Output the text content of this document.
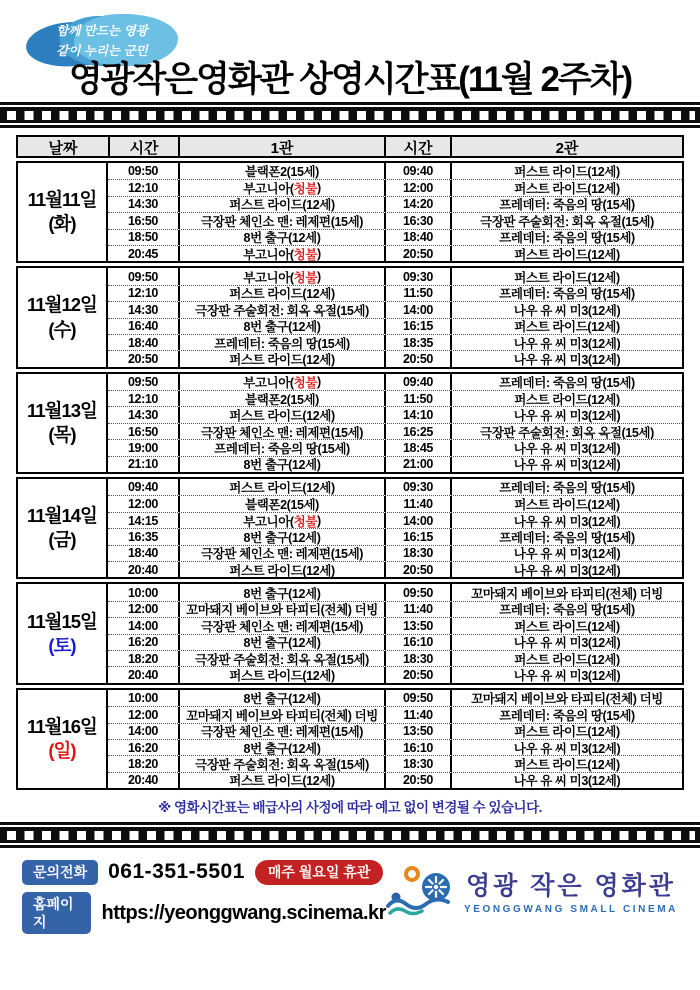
함께 만드는 영광
같이 누리는 군민
영광작은영화관 상영시간표(11월 2주차)
날짜	시간	1관	시간	2관
11월11일
(화)
09:50	블랙폰2(15세)	09:40	퍼스트 라이드(12세)
12:10	부고니아( 청불 )	12:00	퍼스트 라이드(12세)
14:30	퍼스트 라이드(12세)	14:20	프레데터: 죽음의 땅(15세)
16:50	극장판 체인소 맨: 레제편(15세)	16:30	극장판 주술회전: 회옥 옥절(15세)
18:50	8번 출구(12세)	18:40	프레데터: 죽음의 땅(15세)
20:45	부고니아( 청불 )	20:50	퍼스트 라이드(12세)
11월12일
(수)
09:50	부고니아( 청불 )	09:30	퍼스트 라이드(12세)
12:10	퍼스트 라이드(12세)	11:50	프레데터: 죽음의 땅(15세)
14:30	극장판 주술회전: 회옥 옥절(15세)	14:00	나우 유 씨 미3(12세)
16:40	8번 출구(12세)	16:15	퍼스트 라이드(12세)
18:40	프레데터: 죽음의 땅(15세)	18:35	나우 유 씨 미3(12세)
20:50	퍼스트 라이드(12세)	20:50	나우 유 씨 미3(12세)
11월13일
(목)
09:50	부고니아( 청불 )	09:40	프레데터: 죽음의 땅(15세)
12:10	블랙폰2(15세)	11:50	퍼스트 라이드(12세)
14:30	퍼스트 라이드(12세)	14:10	나우 유 씨 미3(12세)
16:50	극장판 체인소 맨: 레제편(15세)	16:25	극장판 주술회전: 회옥 옥절(15세)
19:00	프레데터: 죽음의 땅(15세)	18:45	나우 유 씨 미3(12세)
21:10	8번 출구(12세)	21:00	나우 유 씨 미3(12세)
11월14일
(금)
09:40	퍼스트 라이드(12세)	09:30	프레데터: 죽음의 땅(15세)
12:00	블랙폰2(15세)	11:40	퍼스트 라이드(12세)
14:15	부고니아( 청불 )	14:00	나우 유 씨 미3(12세)
16:35	8번 출구(12세)	16:15	프레데터: 죽음의 땅(15세)
18:40	극장판 체인소 맨: 레제편(15세)	18:30	나우 유 씨 미3(12세)
20:40	퍼스트 라이드(12세)	20:50	나우 유 씨 미3(12세)
11월15일
(토)
10:00	8번 출구(12세)	09:50	꼬마돼지 베이브와 타피티(전체) 더빙
12:00	꼬마돼지 베이브와 타피티(전체) 더빙	11:40	프레데터: 죽음의 땅(15세)
14:00	극장판 체인소 맨: 레제편(15세)	13:50	퍼스트 라이드(12세)
16:20	8번 출구(12세)	16:10	나우 유 씨 미3(12세)
18:20	극장판 주술회전: 회옥 옥절(15세)	18:30	퍼스트 라이드(12세)
20:40	퍼스트 라이드(12세)	20:50	나우 유 씨 미3(12세)
11월16일
(일)
10:00	8번 출구(12세)	09:50	꼬마돼지 베이브와 타피티(전체) 더빙
12:00	꼬마돼지 베이브와 타피티(전체) 더빙	11:40	프레데터: 죽음의 땅(15세)
14:00	극장판 체인소 맨: 레제편(15세)	13:50	퍼스트 라이드(12세)
16:20	8번 출구(12세)	16:10	나우 유 씨 미3(12세)
18:20	극장판 주술회전: 회옥 옥절(15세)	18:30	퍼스트 라이드(12세)
20:40	퍼스트 라이드(12세)	20:50	나우 유 씨 미3(12세)
※ 영화시간표는 배급사의 사정에 따라 예고 없이 변경될 수 있습니다.
문의전화	061-351-5501	매주 월요일 휴관
홈페이지	https://yeonggwang.scinema.kr
영광 작은 영화관
YEONGGWANG SMALL CINEMA
